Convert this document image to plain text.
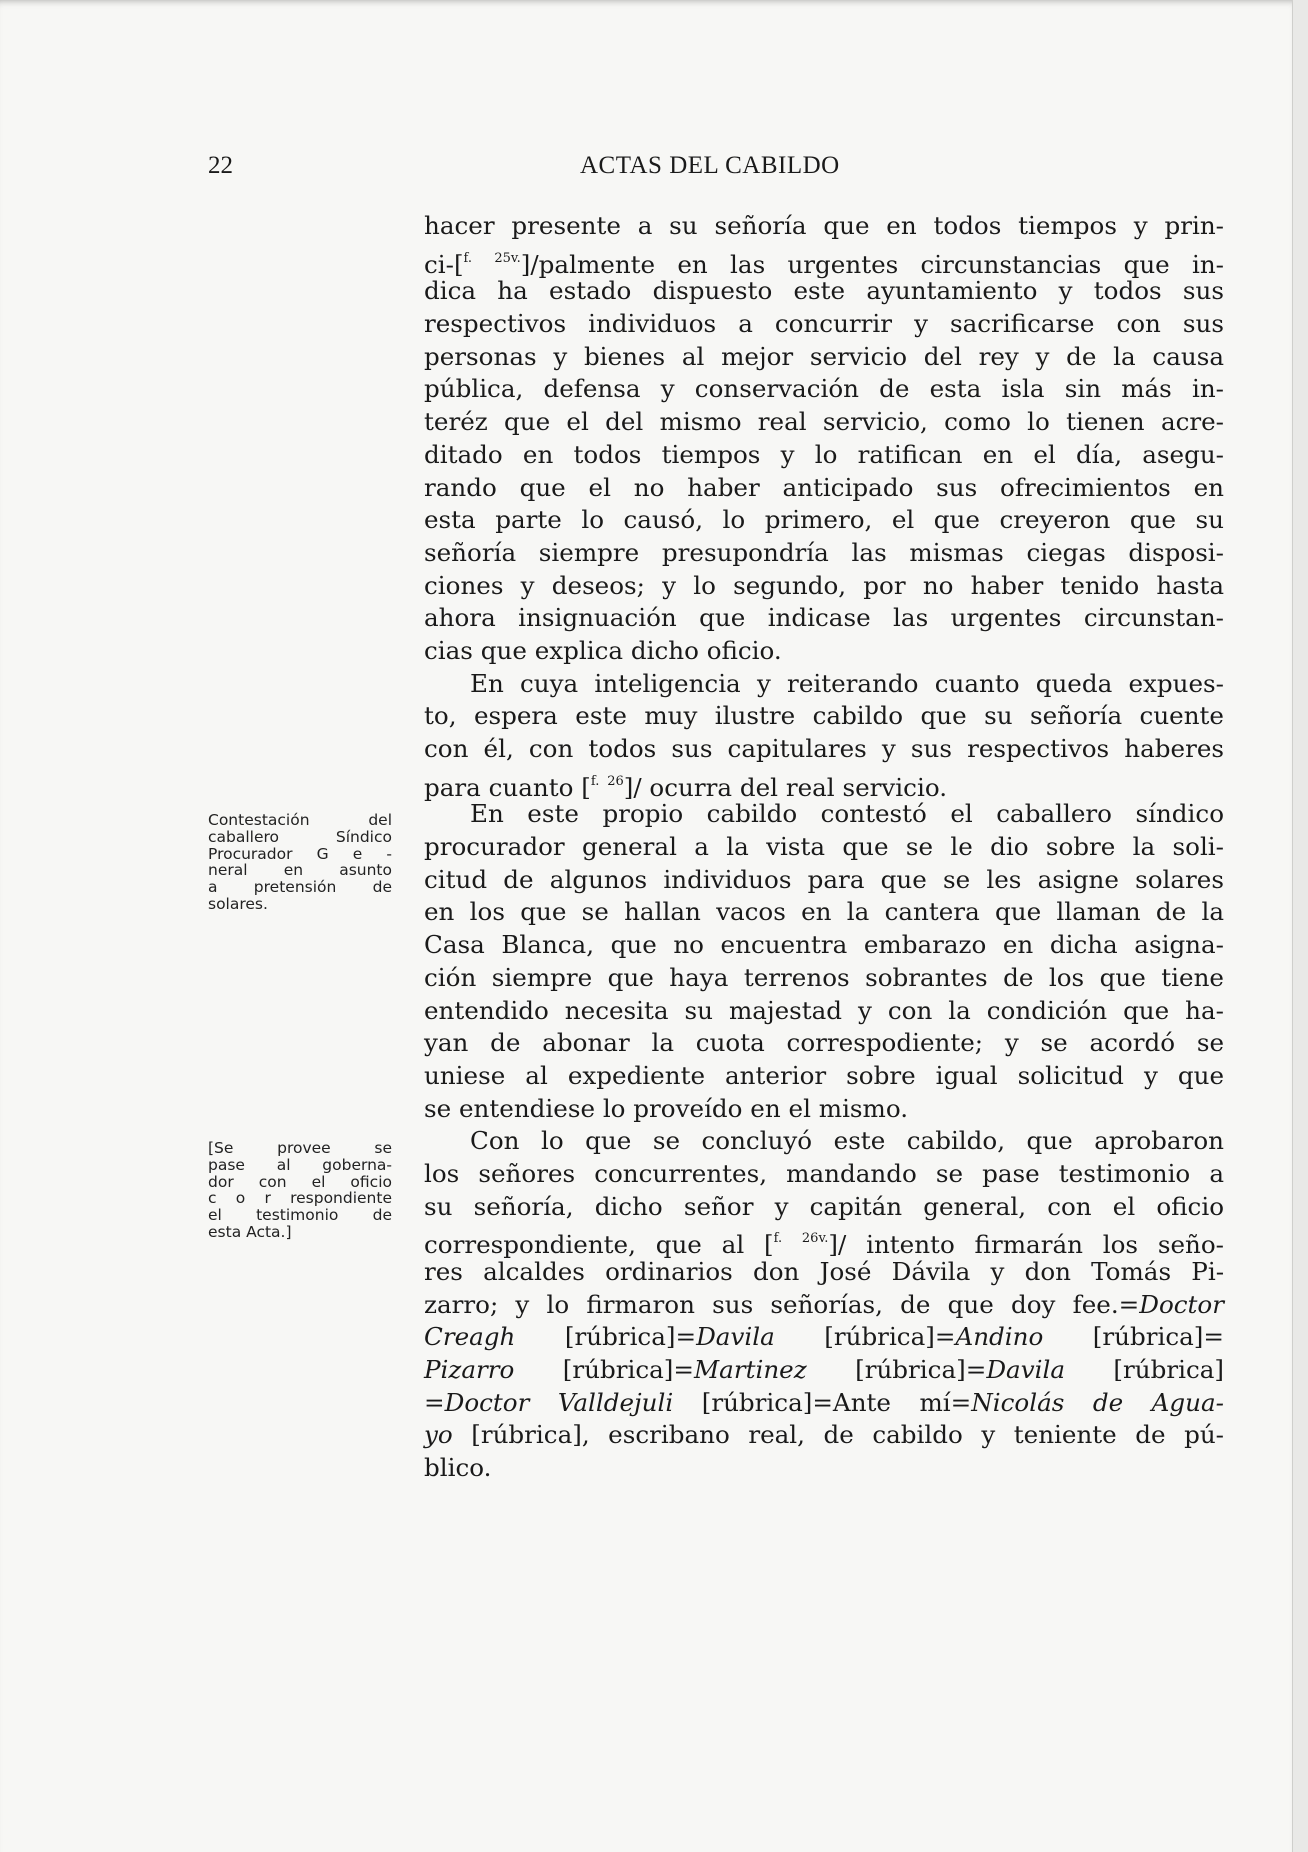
22	ACTAS DEL CABILDO
Contestación del
caballero Síndico
Procurador G e -
neral en asunto
a pretensión de
solares.
[Se provee se
pase al goberna-
dor con el oficio
c o r respondiente
el testimonio de
esta Acta.]
hacer presente a su señoría que en todos tiempos y prin-
ci-[$^{f.}$ $^{25v.}$]/palmente en las urgentes circunstancias que in-
dica ha estado dispuesto este ayuntamiento y todos sus
respectivos individuos a concurrir y sacrificarse con sus
personas y bienes al mejor servicio del rey y de la causa
pública, defensa y conservación de esta isla sin más in-
teréz que el del mismo real servicio, como lo tienen acre-
ditado en todos tiempos y lo ratifican en el día, asegu-
rando que el no haber anticipado sus ofrecimientos en
esta parte lo causó, lo primero, el que creyeron que su
señoría siempre presupondría las mismas ciegas disposi-
ciones y deseos; y lo segundo, por no haber tenido hasta
ahora insignuación que indicase las urgentes circunstan-
cias que explica dicho oficio.
En cuya inteligencia y reiterando cuanto queda expues-
to, espera este muy ilustre cabildo que su señoría cuente
con él, con todos sus capitulares y sus respectivos haberes
para cuanto [$^{f.}$ $^{26}$]/ ocurra del real servicio.
En este propio cabildo contestó el caballero síndico
procurador general a la vista que se le dio sobre la soli-
citud de algunos individuos para que se les asigne solares
en los que se hallan vacos en la cantera que llaman de la
Casa Blanca, que no encuentra embarazo en dicha asigna-
ción siempre que haya terrenos sobrantes de los que tiene
entendido necesita su majestad y con la condición que ha-
yan de abonar la cuota correspodiente; y se acordó se
uniese al expediente anterior sobre igual solicitud y que
se entendiese lo proveído en el mismo.
Con lo que se concluyó este cabildo, que aprobaron
los señores concurrentes, mandando se pase testimonio a
su señoría, dicho señor y capitán general, con el oficio
correspondiente, que al [$^{f.}$ $^{26v.}$]/ intento firmarán los seño-
res alcaldes ordinarios don José Dávila y don Tomás Pi-
zarro; y lo firmaron sus señorías, de que doy fee.=Doctor
Creagh [rúbrica]=Davila [rúbrica]=Andino [rúbrica]=
Pizarro [rúbrica]=Martinez [rúbrica]=Davila [rúbrica]
=Doctor Valldejuli [rúbrica]=Ante mí=Nicolás de Agua-
yo [rúbrica], escribano real, de cabildo y teniente de pú-
blico.
